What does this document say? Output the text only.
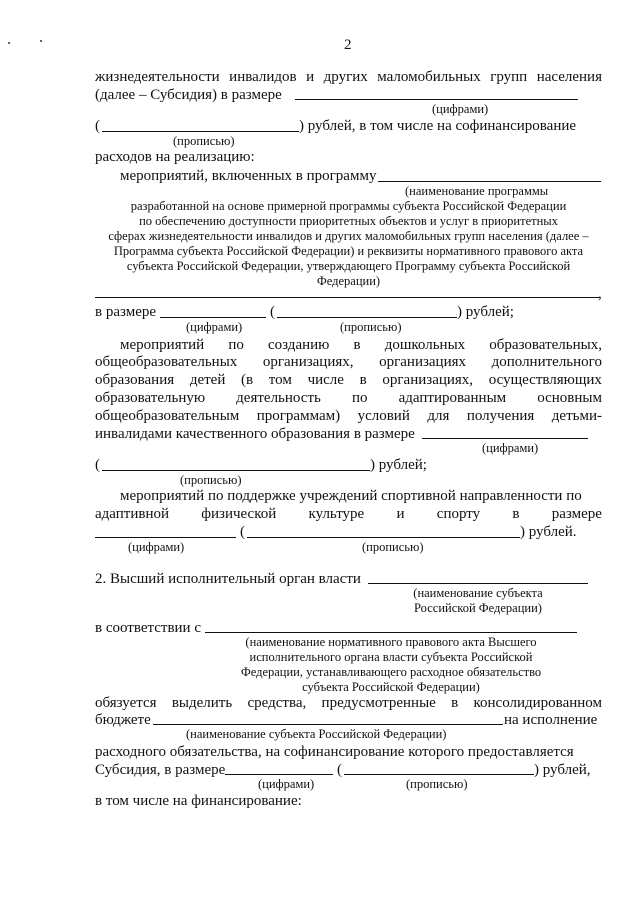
2
жизнедеятельности инвалидов и других маломобильных групп населения
(далее – Субсидия) в размере
(цифрами)
(	) рублей, в том числе на софинансирование
(прописью)
расходов на реализацию:
мероприятий, включенных в программу
(наименование программы
разработанной на основе примерной программы субъекта Российской Федерации
по обеспечению доступности приоритетных объектов и услуг в приоритетных
сферах жизнедеятельности инвалидов и других маломобильных групп населения (далее –
Программа субъекта Российской Федерации) и реквизиты нормативного правового акта
субъекта Российской Федерации, утверждающего Программу субъекта Российской
Федерации)
,
в размере	(	) рублей;
(цифрами)	(прописью)
мероприятий по созданию в дошкольных образовательных,
общеобразовательных организациях, организациях дополнительного
образования детей (в том числе в организациях, осуществляющих
образовательную деятельность по адаптированным основным
общеобразовательным программам) условий для получения детьми-
инвалидами качественного образования в размере
(цифрами)
(	) рублей;
(прописью)
мероприятий по поддержке учреждений спортивной направленности по
адаптивной физической культуре и спорту в размере
(	) рублей.
(цифрами)	(прописью)
2. Высший исполнительный орган власти
(наименование субъекта
Российской Федерации)
в соответствии с
(наименование нормативного правового акта Высшего
исполнительного органа власти субъекта Российской
Федерации, устанавливающего расходное обязательство
субъекта Российской Федерации)
обязуется выделить средства, предусмотренные в консолидированном
бюджете	на исполнение
(наименование субъекта Российской Федерации)
расходного обязательства, на софинансирование которого предоставляется
Субсидия, в размере	(	) рублей,
(цифрами)	(прописью)
в том числе на финансирование:
